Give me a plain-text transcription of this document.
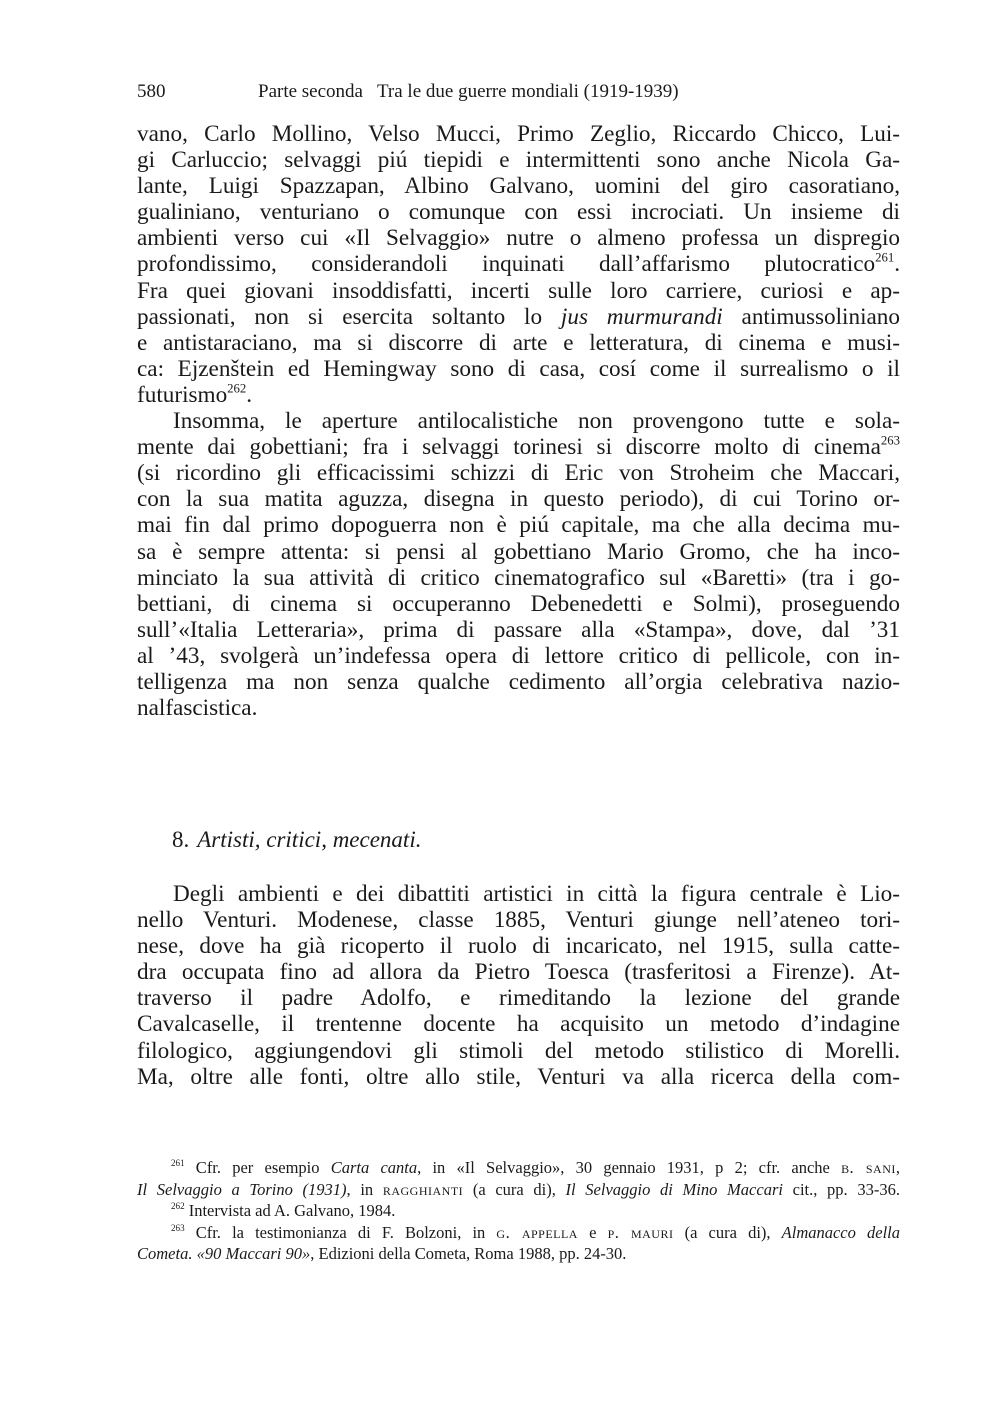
580	Parte seconda Tra le due guerre mondiali (1919-1939)
vano, Carlo Mollino, Velso Mucci, Primo Zeglio, Riccardo Chicco, Lui-
gi Carluccio; selvaggi piú tiepidi e intermittenti sono anche Nicola Ga-
lante, Luigi Spazzapan, Albino Galvano, uomini del giro casoratiano,
gualiniano, venturiano o comunque con essi incrociati. Un insieme di
ambienti verso cui «Il Selvaggio» nutre o almeno professa un dispregio
profondissimo, considerandoli inquinati dall’affarismo plutocratico$^{261}$.
Fra quei giovani insoddisfatti, incerti sulle loro carriere, curiosi e ap-
passionati, non si esercita soltanto lo jus murmurandi antimussoliniano
e antistaraciano, ma si discorre di arte e letteratura, di cinema e musi-
ca: Ejzenštein ed Hemingway sono di casa, cosí come il surrealismo o il
futurismo$^{262}$.
Insomma, le aperture antilocalistiche non provengono tutte e sola-
mente dai gobettiani; fra i selvaggi torinesi si discorre molto di cinema$^{263}$
(si ricordino gli efficacissimi schizzi di Eric von Stroheim che Maccari,
con la sua matita aguzza, disegna in questo periodo), di cui Torino or-
mai fin dal primo dopoguerra non è piú capitale, ma che alla decima mu-
sa è sempre attenta: si pensi al gobettiano Mario Gromo, che ha inco-
minciato la sua attività di critico cinematografico sul «Baretti» (tra i go-
bettiani, di cinema si occuperanno Debenedetti e Solmi), proseguendo
sull’«Italia Letteraria», prima di passare alla «Stampa», dove, dal ’31
al ’43, svolgerà un’indefessa opera di lettore critico di pellicole, con in-
telligenza ma non senza qualche cedimento all’orgia celebrativa nazio-
nalfascistica.
8. Artisti, critici, mecenati.
Degli ambienti e dei dibattiti artistici in città la figura centrale è Lio-
nello Venturi. Modenese, classe 1885, Venturi giunge nell’ateneo tori-
nese, dove ha già ricoperto il ruolo di incaricato, nel 1915, sulla catte-
dra occupata fino ad allora da Pietro Toesca (trasferitosi a Firenze). At-
traverso il padre Adolfo, e rimeditando la lezione del grande
Cavalcaselle, il trentenne docente ha acquisito un metodo d’indagine
filologico, aggiungendovi gli stimoli del metodo stilistico di Morelli.
Ma, oltre alle fonti, oltre allo stile, Venturi va alla ricerca della com-
$^{261}$ Cfr. per esempio Carta canta, in «Il Selvaggio», 30 gennaio 1931, p 2; cfr. anche b. sani,
Il Selvaggio a Torino (1931), in ragghianti (a cura di), Il Selvaggio di Mino Maccari cit., pp. 33-36.
$^{262}$ Intervista ad A. Galvano, 1984.
$^{263}$ Cfr. la testimonianza di F. Bolzoni, in g. appella e p. mauri (a cura di), Almanacco della
Cometa. «90 Maccari 90», Edizioni della Cometa, Roma 1988, pp. 24-30.
